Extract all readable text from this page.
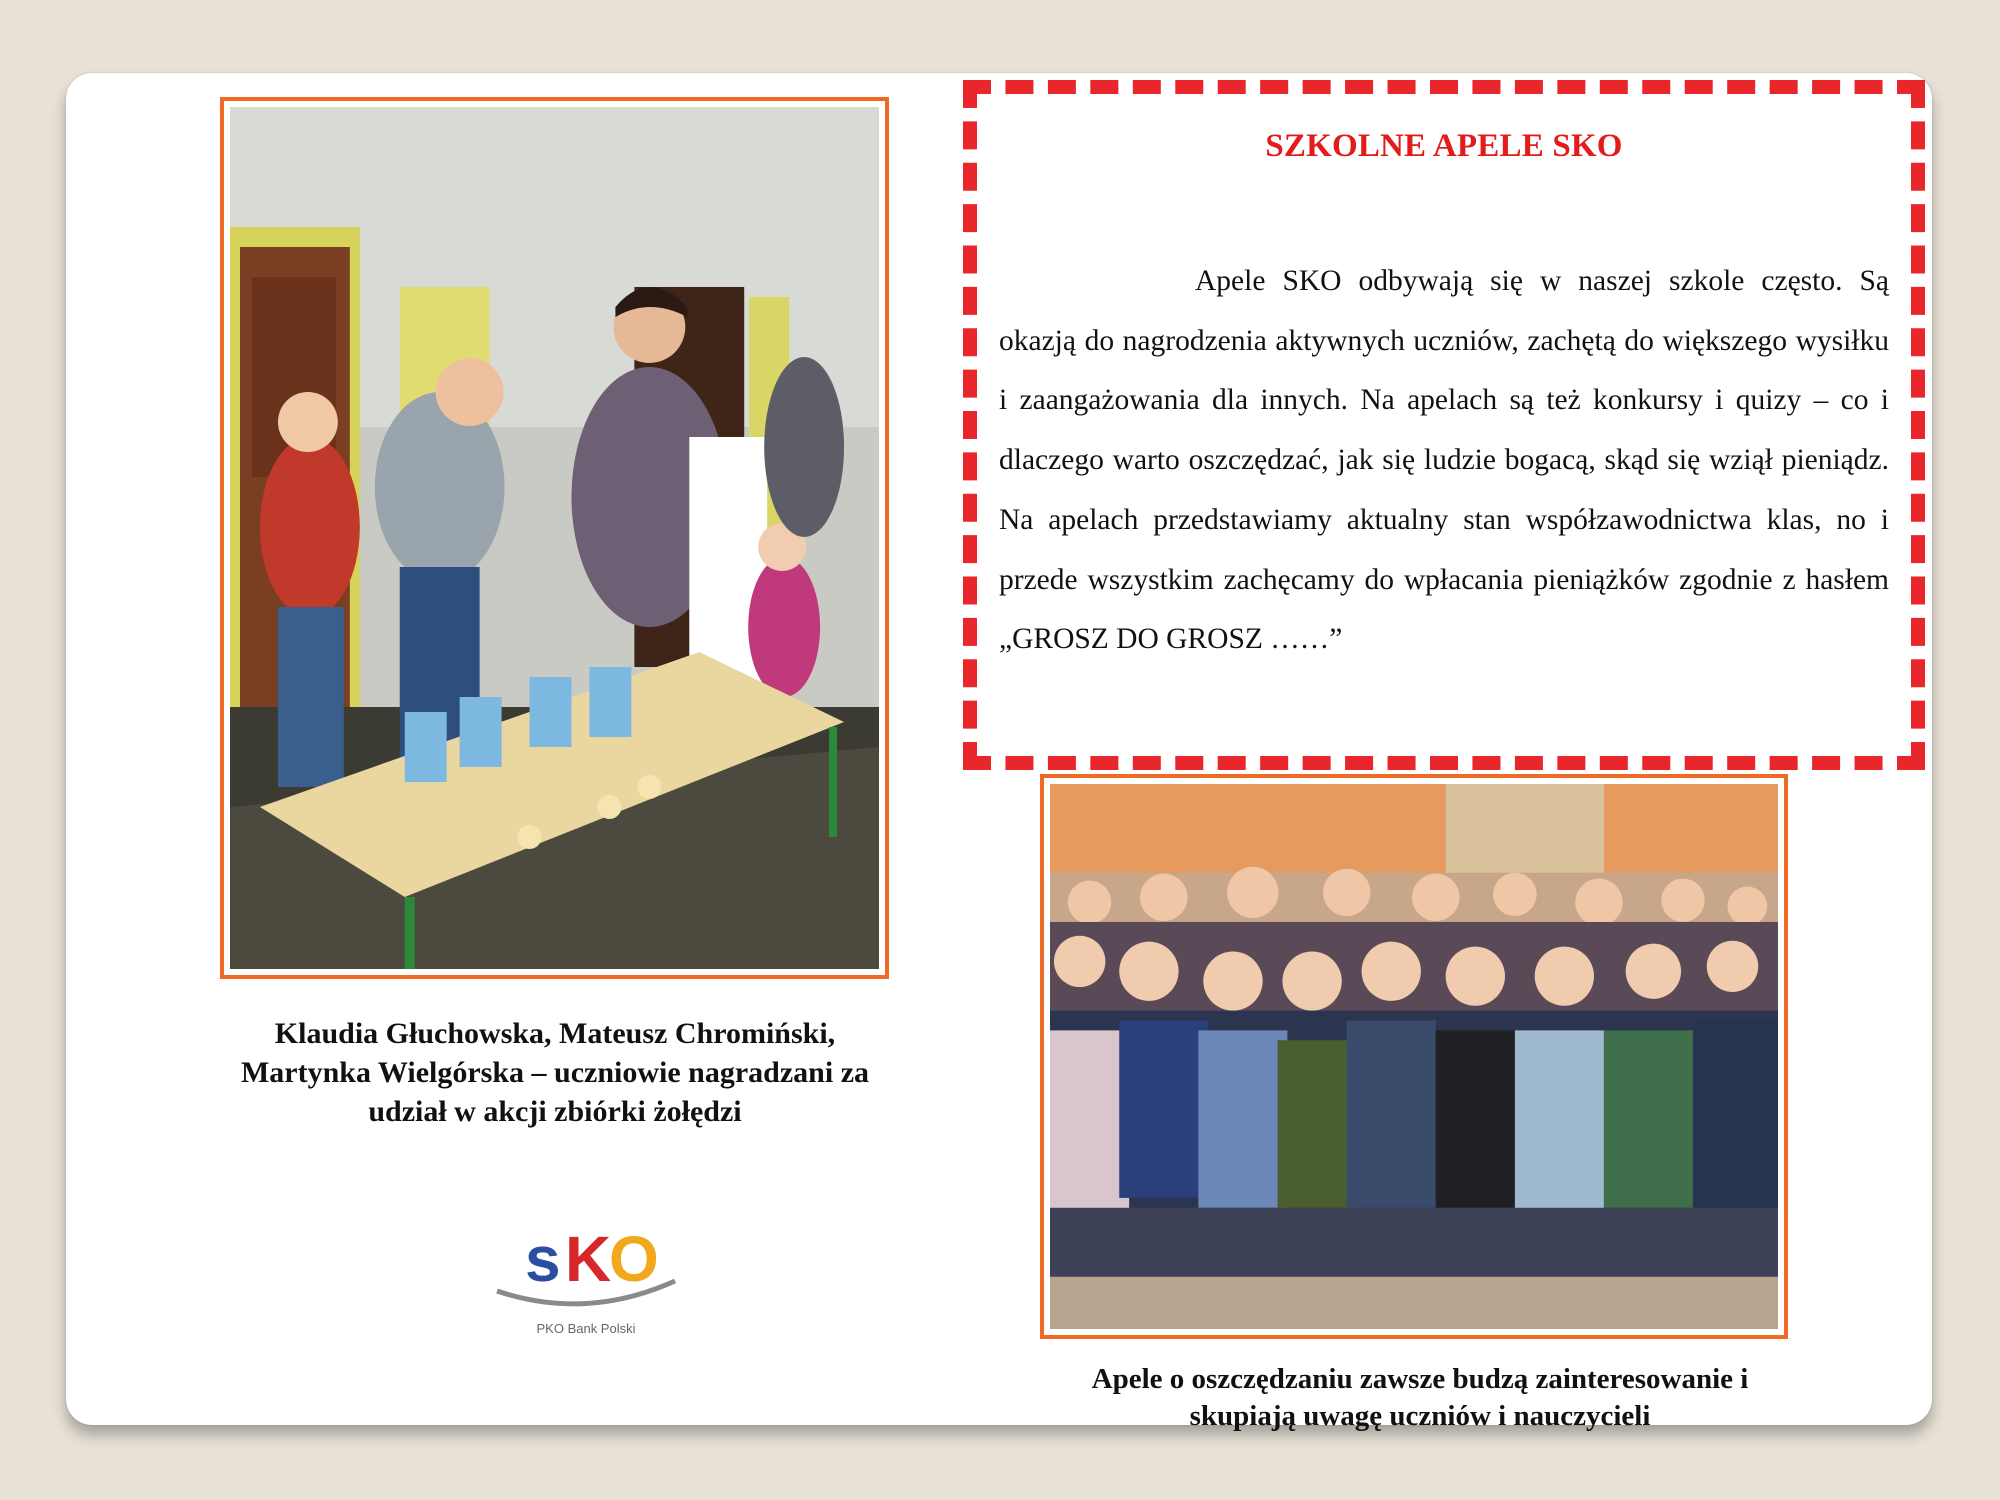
Klaudia Głuchowska, Mateusz Chromiński,
Martynka Wielgórska – uczniowie nagradzani za
udział w akcji zbiórki żołędzi
s K
O
PKO Bank Polski
SZKOLNE APELE SKO
Apele SKO odbywają się w naszej szkole często. Są okazją do nagrodzenia aktywnych uczniów, zachętą do większego wysiłku i zaangażowania dla innych. Na apelach są też konkursy i quizy – co i dlaczego warto oszczędzać, jak się ludzie bogacą, skąd się wziął pieniądz. Na apelach przedstawiamy aktualny stan współzawodnictwa klas, no i przede wszystkim zachęcamy do wpłacania pieniążków zgodnie z hasłem „GROSZ DO GROSZ ……”
Apele o oszczędzaniu zawsze budzą zainteresowanie i
skupiają uwagę uczniów i nauczycieli
